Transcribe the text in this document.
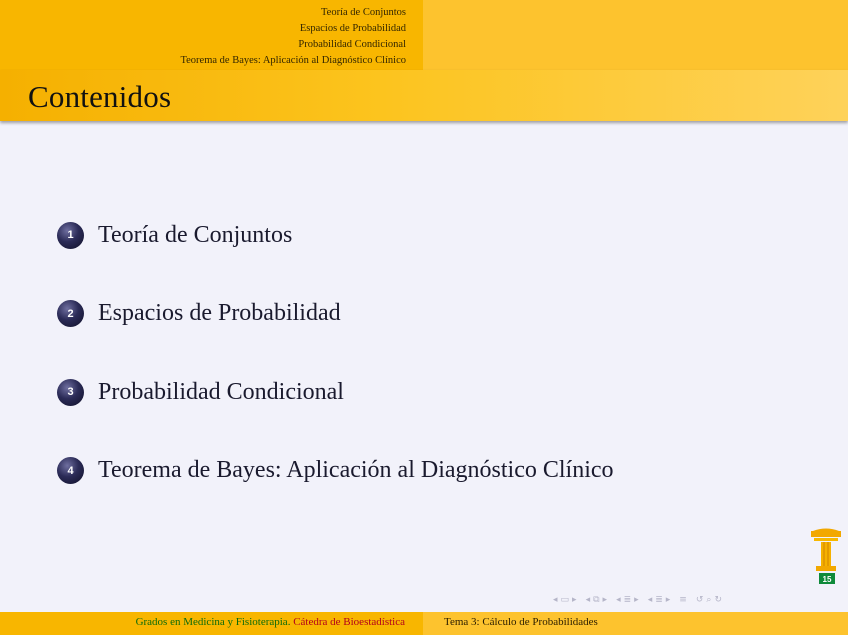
Teoría de Conjuntos
Espacios de Probabilidad
Probabilidad Condicional
Teorema de Bayes: Aplicación al Diagnóstico Clínico
Contenidos
1	Teoría de Conjuntos
2	Espacios de Probabilidad
3	Probabilidad Condicional
4	Teorema de Bayes: Aplicación al Diagnóstico Clínico
15
◂ ▭ ▸ ◂ ⧉ ▸ ◂ ≣ ▸ ◂ ≣ ▸ ≡ ↺ ⌕ ↻
Grados en Medicina y Fisioterapia. Cátedra de Bioestadística	Tema 3: Cálculo de Probabilidades
